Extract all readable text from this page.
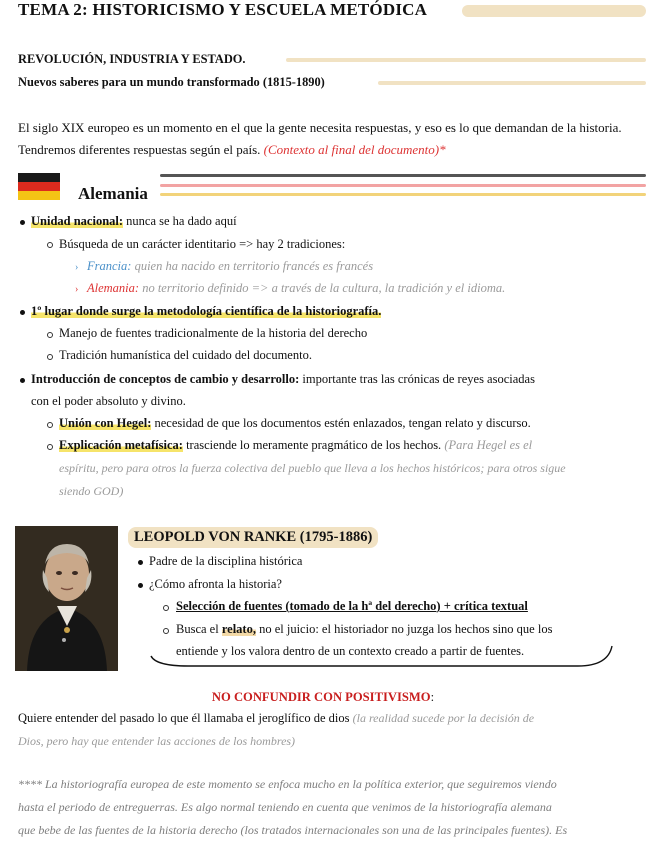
TEMA 2: HISTORICISMO Y ESCUELA METÓDICA
REVOLUCIÓN, INDUSTRIA Y ESTADO.
Nuevos saberes para un mundo transformado (1815-1890)

El siglo XIX europeo es un momento en el que la gente necesita respuestas, y eso es lo que demandan de la historia. Tendremos diferentes respuestas según el país. (Contexto al final del documento)*

Alemania
Unidad nacional: nunca se ha dado aquí
Búsqueda de un carácter identitario => hay 2 tradiciones:
› Francia: quien ha nacido en territorio francés es francés
› Alemania: no territorio definido => a través de la cultura, la tradición y el idioma.
1º lugar donde surge la metodología científica de la historiografía.
Manejo de fuentes tradicionalmente de la historia del derecho
Tradición humanística del cuidado del documento.
Introducción de conceptos de cambio y desarrollo: importante tras las crónicas de reyes asociadas
con el poder absoluto y divino.
Unión con Hegel: necesidad de que los documentos estén enlazados, tengan relato y discurso.
Explicación metafísica: trasciende lo meramente pragmático de los hechos. (Para Hegel es el
espíritu, pero para otros la fuerza colectiva del pueblo que lleva a los hechos históricos; para otros sigue
siendo GOD)
LEOPOLD VON RANKE (1795-1886)
Padre de la disciplina histórica
¿Cómo afronta la historia?
Selección de fuentes (tomado de la hª del derecho) + crítica textual
Busca el relato, no el juicio: el historiador no juzga los hechos sino que los
entiende y los valora dentro de un contexto creado a partir de fuentes.
NO CONFUNDIR CON POSITIVISMO:
Quiere entender del pasado lo que él llamaba el jeroglífico de dios (la realidad sucede por la decisión de
Dios, pero hay que entender las acciones de los hombres)
**** La historiografía europea de este momento se enfoca mucho en la política exterior, que seguiremos viendo
hasta el periodo de entreguerras. Es algo normal teniendo en cuenta que venimos de la historiografía alemana
que bebe de las fuentes de la historia derecho (los tratados internacionales son una de las principales fuentes). Es
